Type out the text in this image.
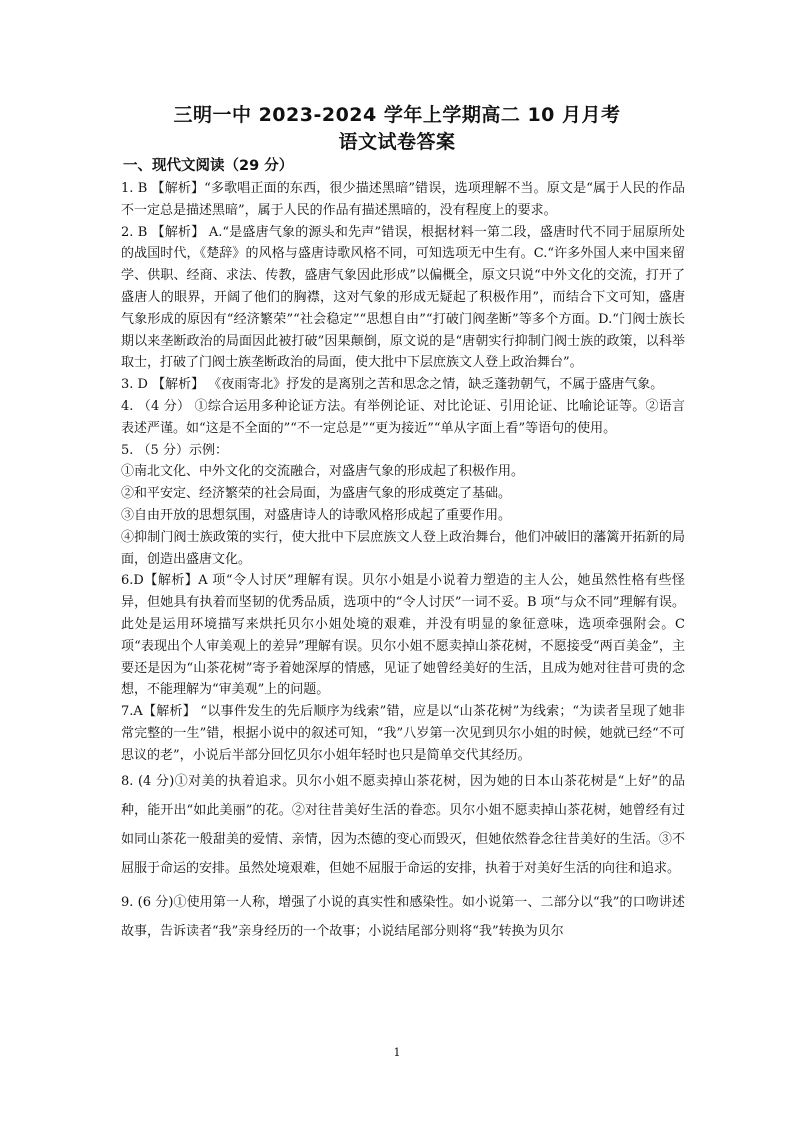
三明一中 2023-2024 学年上学期高二 10 月月考
语文试卷答案
一、现代文阅读（29 分）

1. B 【解析】“多歌唱正面的东西，很少描述黑暗”错误，选项理解不当。原文是“属于人民的作品不一定总是描述黑暗”，属于人民的作品有描述黑暗的，没有程度上的要求。

2. B 【解析】 A.“是盛唐气象的源头和先声”错误，根据材料一第二段，盛唐时代不同于屈原所处的战国时代，《楚辞》的风格与盛唐诗歌风格不同，可知选项无中生有。C.“许多外国人来中国来留学、供职、经商、求法、传教，盛唐气象因此形成”以偏概全，原文只说“中外文化的交流，打开了盛唐人的眼界，开阔了他们的胸襟，这对气象的形成无疑起了积极作用”，而结合下文可知，盛唐气象形成的原因有“经济繁荣”“社会稳定”“思想自由”“打破门阀垄断”等多个方面。D.“门阀士族长期以来垄断政治的局面因此被打破”因果颠倒，原文说的是“唐朝实行抑制门阀士族的政策，以科举取士，打破了门阀士族垄断政治的局面，使大批中下层庶族文人登上政治舞台”。

3. D 【解析】 《夜雨寄北》抒发的是离别之苦和思念之情，缺乏蓬勃朝气，不属于盛唐气象。

4. （4 分） ①综合运用多种论证方法。有举例论证、对比论证、引用论证、比喻论证等。②语言表述严谨。如“这是不全面的”“不一定总是”“更为接近”“单从字面上看”等语句的使用。

5. （5 分）示例：

①南北文化、中外文化的交流融合，对盛唐气象的形成起了积极作用。

②和平安定、经济繁荣的社会局面，为盛唐气象的形成奠定了基础。

③自由开放的思想氛围，对盛唐诗人的诗歌风格形成起了重要作用。

④抑制门阀士族政策的实行，使大批中下层庶族文人登上政治舞台，他们冲破旧的藩篱开拓新的局面，创造出盛唐文化。

6.D【解析】A 项“令人讨厌”理解有误。贝尔小姐是小说着力塑造的主人公，她虽然性格有些怪异，但她具有执着而坚韧的优秀品质，选项中的“令人讨厌”一词不妥。B 项“与众不同”理解有误。此处是运用环境描写来烘托贝尔小姐处境的艰难，并没有明显的象征意味，选项牵强附会。C 项“表现出个人审美观上的差异”理解有误。贝尔小姐不愿卖掉山茶花树，不愿接受“两百美金”，主要还是因为“山茶花树”寄予着她深厚的情感，见证了她曾经美好的生活，且成为她对往昔可贵的念想，不能理解为“审美观”上的问题。

7.A【解析】 “以事件发生的先后顺序为线索”错，应是以“山茶花树”为线索；“为读者呈现了她非常完整的一生”错，根据小说中的叙述可知，“我”八岁第一次见到贝尔小姐的时候，她就已经“不可思议的老”，小说后半部分回忆贝尔小姐年轻时也只是简单交代其经历。

8. (4 分)①对美的执着追求。贝尔小姐不愿卖掉山茶花树，因为她的日本山茶花树是“上好”的品种，能开出“如此美丽”的花。②对往昔美好生活的眷恋。贝尔小姐不愿卖掉山茶花树，她曾经有过如同山茶花一般甜美的爱情、亲情，因为杰德的变心而毁灭，但她依然眷念往昔美好的生活。③不屈服于命运的安排。虽然处境艰难，但她不屈服于命运的安排，执着于对美好生活的向往和追求。

9. (6 分)①使用第一人称，增强了小说的真实性和感染性。如小说第一、二部分以“我”的口吻讲述故事，告诉读者“我”亲身经历的一个故事；小说结尾部分则将“我”转换为贝尔

1
